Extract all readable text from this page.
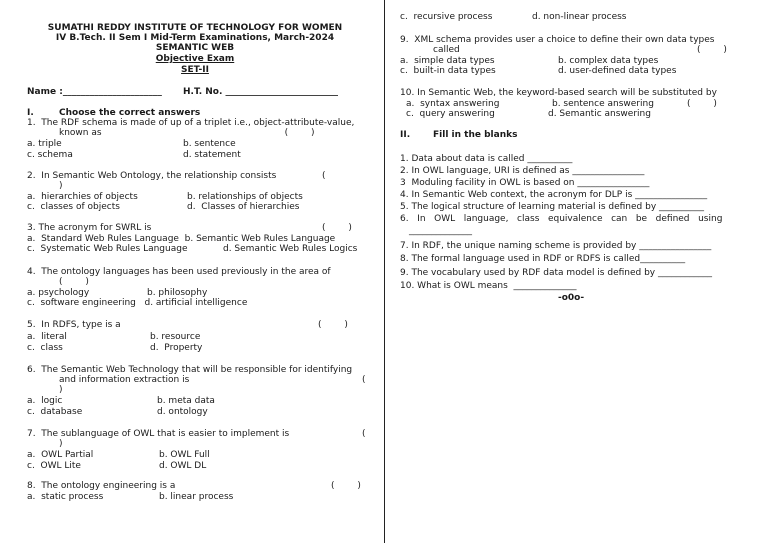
SUMATHI REDDY INSTITUTE OF TECHNOLOGY FOR WOMEN
IV B.Tech. II Sem I Mid-Term Examinations, March-2024
SEMANTIC WEB
Objective Exam
SET-II
Name :______________________ H.T. No. _________________________
I.	Choose the correct answers
1.  The RDF schema is made of up of a triplet i.e., object-attribute-value,
known as                                                                (        )
a. triple	b. sentence
c. schema	d. statement
2.  In Semantic Web Ontology, the relationship consists	(
)
a.  hierarchies of objects	b. relationships of objects
c.  classes of objects	d.  Classes of hierarchies
3. The acronym for SWRL is	(        )
a.  Standard Web Rules Language  b. Semantic Web Rules Language
c.  Systematic Web Rules Language	d. Semantic Web Rules Logics
4.  The ontology languages has been used previously in the area of
(        )
a. psychology	b. philosophy
c.  software engineering   d. artificial intelligence
5.  In RDFS, type is a	(        )
a.  literal	b. resource
c.  class	d.  Property
6.  The Semantic Web Technology that will be responsible for identifying
and information extraction is	(
)
a.  logic	b. meta data
c.  database	d. ontology
7.  The sublanguage of OWL that is easier to implement is	(
)
a.  OWL Partial	b. OWL Full
c.  OWL Lite	d. OWL DL
8.  The ontology engineering is a	(        )
a.  static process	b. linear process
c.  recursive process	d. non-linear process
9.  XML schema provides user a choice to define their own data types
called	(        )
a.  simple data types	b. complex data types
c.  built-in data types	d. user-defined data types
10. In Semantic Web, the keyword-based search will be substituted by
a.  syntax answering	b. sentence answering	(        )
c.  query answering	d. Semantic answering
II.	Fill in the blanks
1. Data about data is called __________
2. In OWL language, URI is defined as ________________
3  Moduling facility in OWL is based on ________________
4. In Semantic Web context, the acronym for DLP is ________________
5. The logical structure of learning material is defined by __________
6.   In   OWL   language,   class   equivalence   can   be   defined   using
______________
7. In RDF, the unique naming scheme is provided by ________________
8. The formal language used in RDF or RDFS is called__________
9. The vocabulary used by RDF data model is defined by ____________
10. What is OWL means  ______________
-o0o-
